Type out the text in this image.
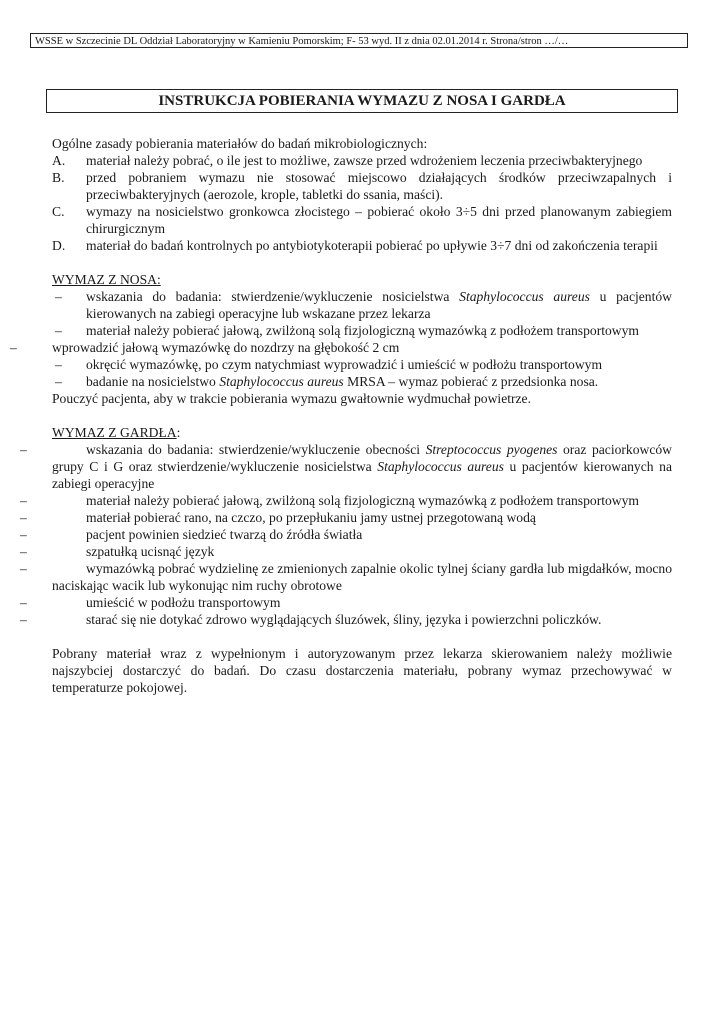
WSSE w Szczecinie DL Oddział Laboratoryjny w Kamieniu Pomorskim; F- 53 wyd. II z dnia 02.01.2014 r. Strona/stron …/…
INSTRUKCJA POBIERANIA WYMAZU Z NOSA I GARDŁA

Ogólne zasady pobierania materiałów do badań mikrobiologicznych:

A. materiał należy pobrać, o ile jest to możliwe, zawsze przed wdrożeniem leczenia przeciwbakteryjnego

B. przed pobraniem wymazu nie stosować miejscowo działających środków przeciwzapalnych i przeciwbakteryjnych (aerozole, krople, tabletki do ssania, maści).

C. wymazy na nosicielstwo gronkowca złocistego – pobierać około 3÷5 dni przed planowanym zabiegiem chirurgicznym

D. materiał do badań kontrolnych po antybiotykoterapii pobierać po upływie 3÷7 dni od zakończenia terapii

WYMAZ Z NOSA:

– wskazania do badania: stwierdzenie/wykluczenie nosicielstwa Staphylococcus aureus u pacjentów kierowanych na zabiegi operacyjne lub wskazane przez lekarza

– materiał należy pobierać jałową, zwilżoną solą fizjologiczną wymazówką z podłożem transportowym

–	wprowadzić jałową wymazówkę do nozdrzy na głębokość 2 cm

– okręcić wymazówkę, po czym natychmiast wyprowadzić i umieścić w podłożu transportowym

– badanie na nosicielstwo Staphylococcus aureus MRSA – wymaz pobierać z przedsionka nosa.

Pouczyć pacjenta, aby w trakcie pobierania wymazu gwałtownie wydmuchał powietrze.

WYMAZ Z GARDŁA:

–	wskazania do badania: stwierdzenie/wykluczenie obecności Streptococcus pyogenes oraz paciorkowców grupy C i G oraz stwierdzenie/wykluczenie nosicielstwa Staphylococcus aureus u pacjentów kierowanych na zabiegi operacyjne

–	materiał należy pobierać jałową, zwilżoną solą fizjologiczną wymazówką z podłożem transportowym

–	materiał pobierać rano, na czczo, po przepłukaniu jamy ustnej przegotowaną wodą

–	pacjent powinien siedzieć twarzą do źródła światła

–	szpatułką ucisnąć język

–	wymazówką pobrać wydzielinę ze zmienionych zapalnie okolic tylnej ściany gardła lub migdałków, mocno naciskając wacik lub wykonując nim ruchy obrotowe

–	umieścić w podłożu transportowym

–	starać się nie dotykać zdrowo wyglądających śluzówek, śliny, języka i powierzchni policzków.

Pobrany materiał wraz z wypełnionym i autoryzowanym przez lekarza skierowaniem należy możliwie najszybciej dostarczyć do badań. Do czasu dostarczenia materiału, pobrany wymaz przechowywać w temperaturze pokojowej.
